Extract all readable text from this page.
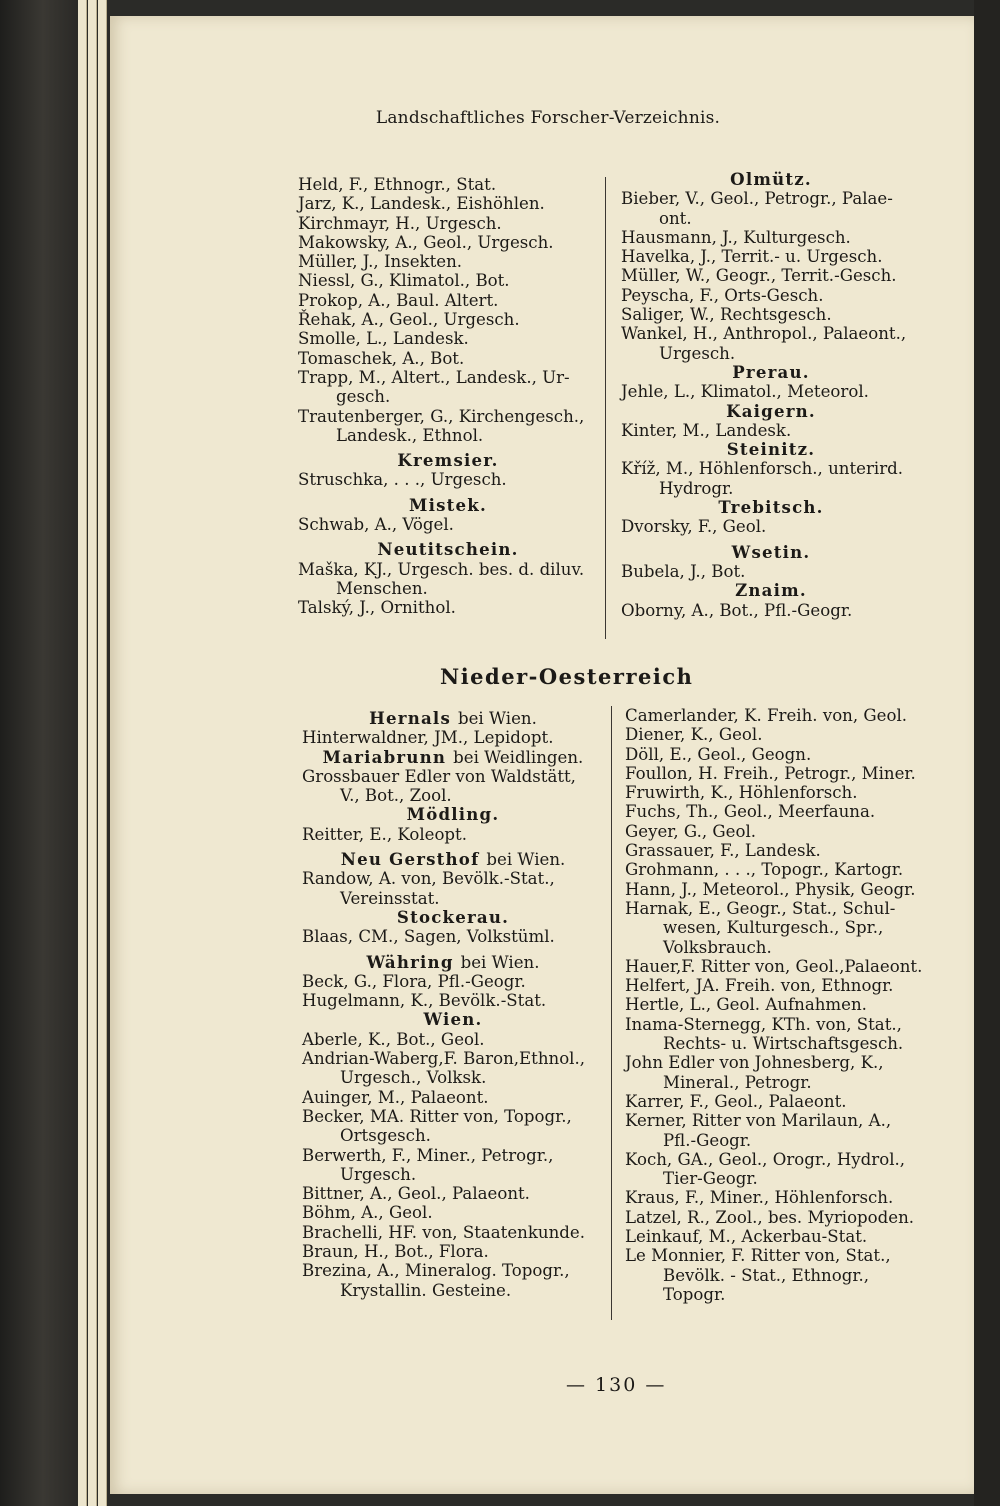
Landschaftliches Forscher-Verzeichnis.
Held, F., Ethnogr., Stat.
Jarz, K., Landesk., Eishöhlen.
Kirchmayr, H., Urgesch.
Makowsky, A., Geol., Urgesch.
Müller, J., Insekten.
Niessl, G., Klimatol., Bot.
Prokop, A., Baul. Altert.
Řehak, A., Geol., Urgesch.
Smolle, L., Landesk.
Tomaschek, A., Bot.
Trapp, M., Altert., Landesk., Ur-
gesch.
Trautenberger, G., Kirchengesch.,
Landesk., Ethnol.
Kremsier.
Struschka, . . ., Urgesch.
Mistek.
Schwab, A., Vögel.
Neutitschein.
Maška, KJ., Urgesch. bes. d. diluv.
Menschen.
Talský, J., Ornithol.
Olmütz.
Bieber, V., Geol., Petrogr., Palae-
ont.
Hausmann, J., Kulturgesch.
Havelka, J., Territ.- u. Urgesch.
Müller, W., Geogr., Territ.-Gesch.
Peyscha, F., Orts-Gesch.
Saliger, W., Rechtsgesch.
Wankel, H., Anthropol., Palaeont.,
Urgesch.
Prerau.
Jehle, L., Klimatol., Meteorol.
Kaigern.
Kinter, M., Landesk.
Steinitz.
Kříž, M., Höhlenforsch., unterird.
Hydrogr.
Trebitsch.
Dvorsky, F., Geol.
Wsetin.
Bubela, J., Bot.
Znaim.
Oborny, A., Bot., Pfl.-Geogr.
Nieder-Oesterreich
Hernals bei Wien.
Hinterwaldner, JM., Lepidopt.
Mariabrunn bei Weidlingen.
Grossbauer Edler von Waldstätt,
V., Bot., Zool.
Mödling.
Reitter, E., Koleopt.
Neu Gersthof bei Wien.
Randow, A. von, Bevölk.-Stat.,
Vereinsstat.
Stockerau.
Blaas, CM., Sagen, Volkstüml.
Währing bei Wien.
Beck, G., Flora, Pfl.-Geogr.
Hugelmann, K., Bevölk.-Stat.
Wien.
Aberle, K., Bot., Geol.
Andrian-Waberg,F. Baron,Ethnol.,
Urgesch., Volksk.
Auinger, M., Palaeont.
Becker, MA. Ritter von, Topogr.,
Ortsgesch.
Berwerth, F., Miner., Petrogr.,
Urgesch.
Bittner, A., Geol., Palaeont.
Böhm, A., Geol.
Brachelli, HF. von, Staatenkunde.
Braun, H., Bot., Flora.
Brezina, A., Mineralog. Topogr.,
Krystallin. Gesteine.
Camerlander, K. Freih. von, Geol.
Diener, K., Geol.
Döll, E., Geol., Geogn.
Foullon, H. Freih., Petrogr., Miner.
Fruwirth, K., Höhlenforsch.
Fuchs, Th., Geol., Meerfauna.
Geyer, G., Geol.
Grassauer, F., Landesk.
Grohmann, . . ., Topogr., Kartogr.
Hann, J., Meteorol., Physik, Geogr.
Harnak, E., Geogr., Stat., Schul-
wesen, Kulturgesch., Spr.,
Volksbrauch.
Hauer,F. Ritter von, Geol.,Palaeont.
Helfert, JA. Freih. von, Ethnogr.
Hertle, L., Geol. Aufnahmen.
Inama-Sternegg, KTh. von, Stat.,
Rechts- u. Wirtschaftsgesch.
John Edler von Johnesberg, K.,
Mineral., Petrogr.
Karrer, F., Geol., Palaeont.
Kerner, Ritter von Marilaun, A.,
Pfl.-Geogr.
Koch, GA., Geol., Orogr., Hydrol.,
Tier-Geogr.
Kraus, F., Miner., Höhlenforsch.
Latzel, R., Zool., bes. Myriopoden.
Leinkauf, M., Ackerbau-Stat.
Le Monnier, F. Ritter von, Stat.,
Bevölk. - Stat., Ethnogr.,
Topogr.
— 130 —
